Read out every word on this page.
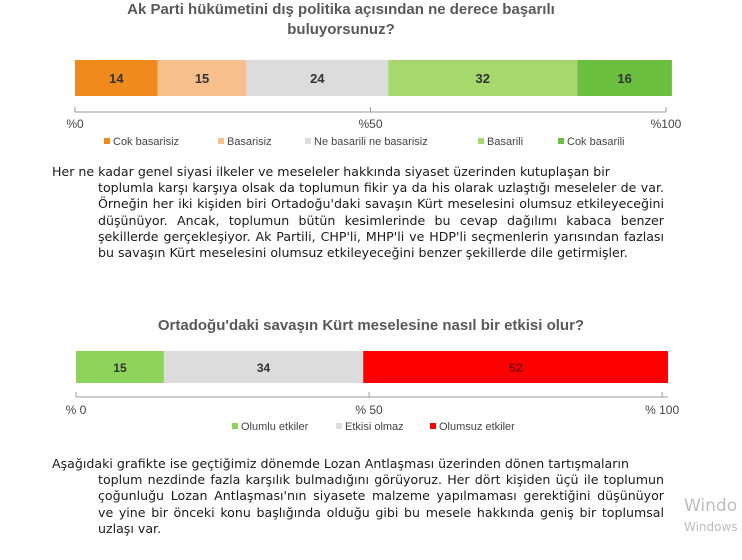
Ak Parti hükümetini dış politika açısından ne derece başarılı
buluyorsunuz?
14	15	24	32	16
%0	%50	%100
Cok basarisiz	Basarisiz	Ne basarili ne basarisiz	Basarili	Cok basarili
Her ne kadar genel siyasi ilkeler ve meseleler hakkında siyaset üzerinden kutuplaşan bir
toplumla karşı karşıya olsak da toplumun fikir ya da his olarak uzlaştığı meseleler de var. Örneğin her iki kişiden biri Ortadoğu'daki savaşın Kürt meselesini olumsuz etkileyeceğini düşünüyor. Ancak, toplumun bütün kesimlerinde bu cevap dağılımı kabaca benzer şekillerde gerçekleşiyor. Ak Partili, CHP'li, MHP'li ve HDP'li seçmenlerin yarısından fazlası bu savaşın Kürt meselesini olumsuz etkileyeceğini benzer şekillerde dile getirmişler.
Ortadoğu'daki savaşın Kürt meselesine nasıl bir etkisi olur?
15	34	52
% 0	% 50	% 100
Olumlu etkiler	Etkisi olmaz	Olumsuz etkiler
Aşağıdaki grafikte ise geçtiğimiz dönemde Lozan Antlaşması üzerinden dönen tartışmaların
toplum nezdinde fazla karşılık bulmadığını görüyoruz. Her dört kişiden üçü ile toplumun çoğunluğu Lozan Antlaşması'nın siyasete malzeme yapılmaması gerektiğini düşünüyor ve yine bir önceki konu başlığında olduğu gibi bu mesele hakkında geniş bir toplumsal uzlaşı var.
Windo
Windows
